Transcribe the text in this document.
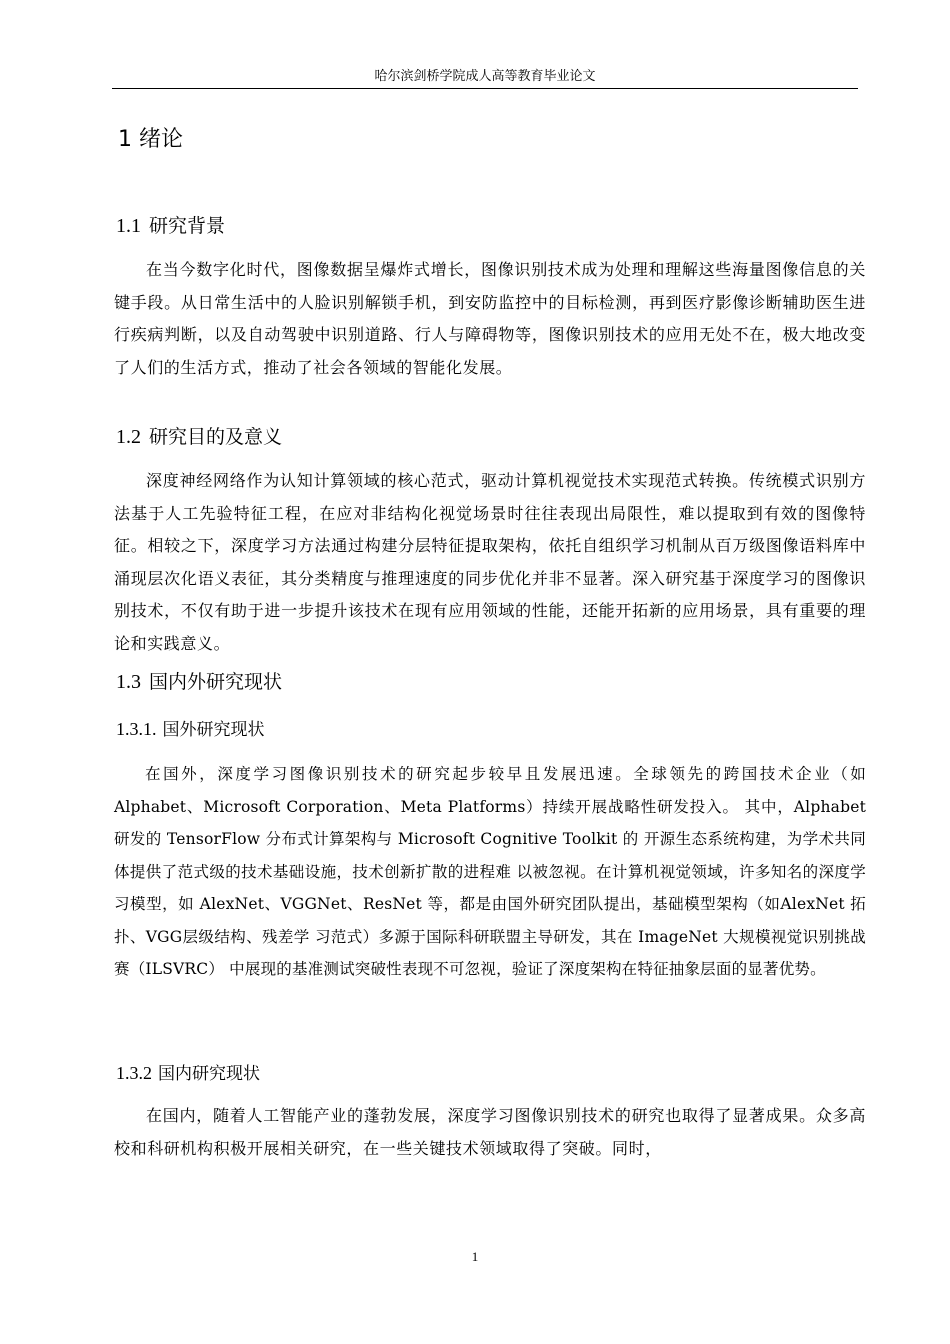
哈尔滨剑桥学院成人高等教育毕业论文
1 绪论
1.1 研究背景
在当今数字化时代，图像数据呈爆炸式增长，图像识别技术成为处理和理解这些海量图像信息的关键手段。从日常生活中的人脸识别解锁手机，到安防监控中的目标检测，再到医疗影像诊断辅助医生进行疾病判断，以及自动驾驶中识别道路、行人与障碍物等，图像识别技术的应用无处不在，极大地改变了人们的生活方式，推动了社会各领域的智能化发展。
1.2 研究目的及意义
深度神经网络作为认知计算领域的核心范式，驱动计算机视觉技术实现范式转换。传统模式识别方法基于人工先验特征工程，在应对非结构化视觉场景时往往表现出局限性，难以提取到有效的图像特征。相较之下，深度学习方法通过构建分层特征提取架构，依托自组织学习机制从百万级图像语料库中涌现层次化语义表征，其分类精度与推理速度的同步优化并非不显著。深入研究基于深度学习的图像识别技术，不仅有助于进一步提升该技术在现有应用领域的性能，还能开拓新的应用场景，具有重要的理论和实践意义。
1.3 国内外研究现状
1.3.1. 国外研究现状
在国外，深度学习图像识别技术的研究起步较早且发展迅速。全球领先的跨国技术企业（如 Alphabet、Microsoft Corporation、Meta Platforms）持续开展战略性研发投入。 其中，Alphabet 研发的 TensorFlow 分布式计算架构与 Microsoft Cognitive Toolkit 的 开源生态系统构建，为学术共同体提供了范式级的技术基础设施，技术创新扩散的进程难 以被忽视。在计算机视觉领域，许多知名的深度学习模型，如 AlexNet、VGGNet、ResNet 等，都是由国外研究团队提出，基础模型架构（如AlexNet 拓扑、VGG层级结构、残差学 习范式）多源于国际科研联盟主导研发，其在 ImageNet 大规模视觉识别挑战赛（ILSVRC） 中展现的基准测试突破性表现不可忽视，验证了深度架构在特征抽象层面的显著优势。
1.3.2 国内研究现状
在国内，随着人工智能产业的蓬勃发展，深度学习图像识别技术的研究也取得了显著成果。众多高校和科研机构积极开展相关研究，在一些关键技术领域取得了突破。同时，
1
